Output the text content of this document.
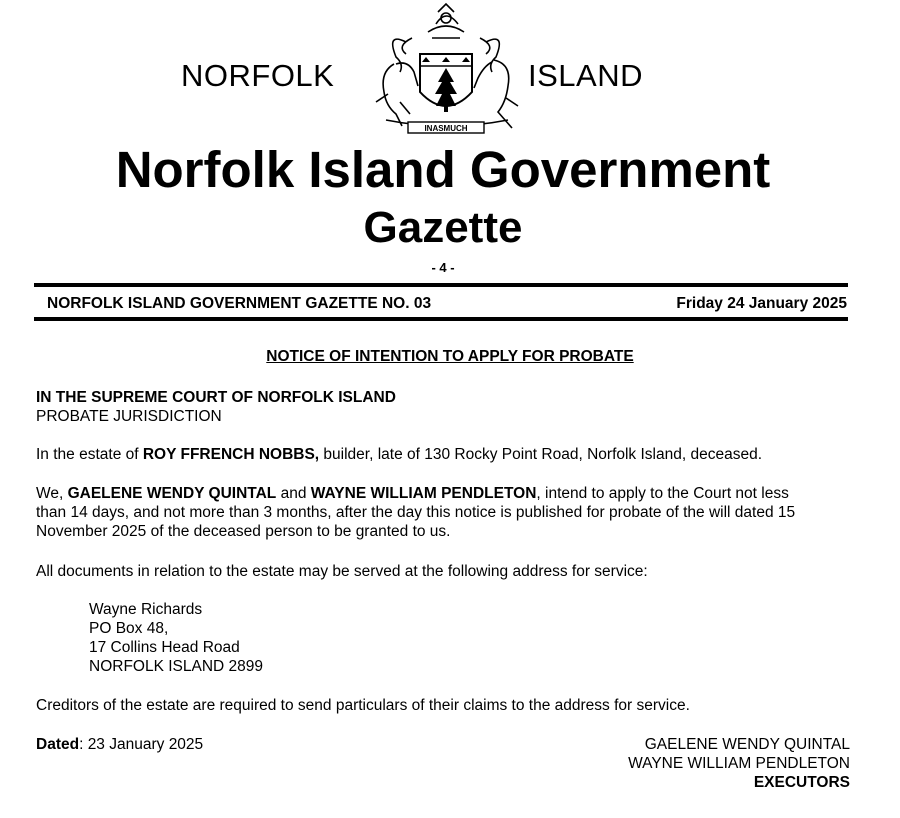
NORFOLK
INASMUCH
ISLAND
Norfolk Island Government
Gazette
- 4 -
NORFOLK ISLAND GOVERNMENT GAZETTE NO. 03	Friday 24 January 2025
NOTICE OF INTENTION TO APPLY FOR PROBATE
IN THE SUPREME COURT OF NORFOLK ISLAND
PROBATE JURISDICTION
In the estate of ROY FFRENCH NOBBS, builder, late of 130 Rocky Point Road, Norfolk Island, deceased.
We, GAELENE WENDY QUINTAL and WAYNE WILLIAM PENDLETON, intend to apply to the Court not less
than 14 days, and not more than 3 months, after the day this notice is published for probate of the will dated 15
November 2025 of the deceased person to be granted to us.
All documents in relation to the estate may be served at the following address for service:
Wayne Richards
PO Box 48,
17 Collins Head Road
NORFOLK ISLAND 2899
Creditors of the estate are required to send particulars of their claims to the address for service.
Dated: 23 January 2025	GAELENE WENDY QUINTAL
WAYNE WILLIAM PENDLETON
EXECUTORS
